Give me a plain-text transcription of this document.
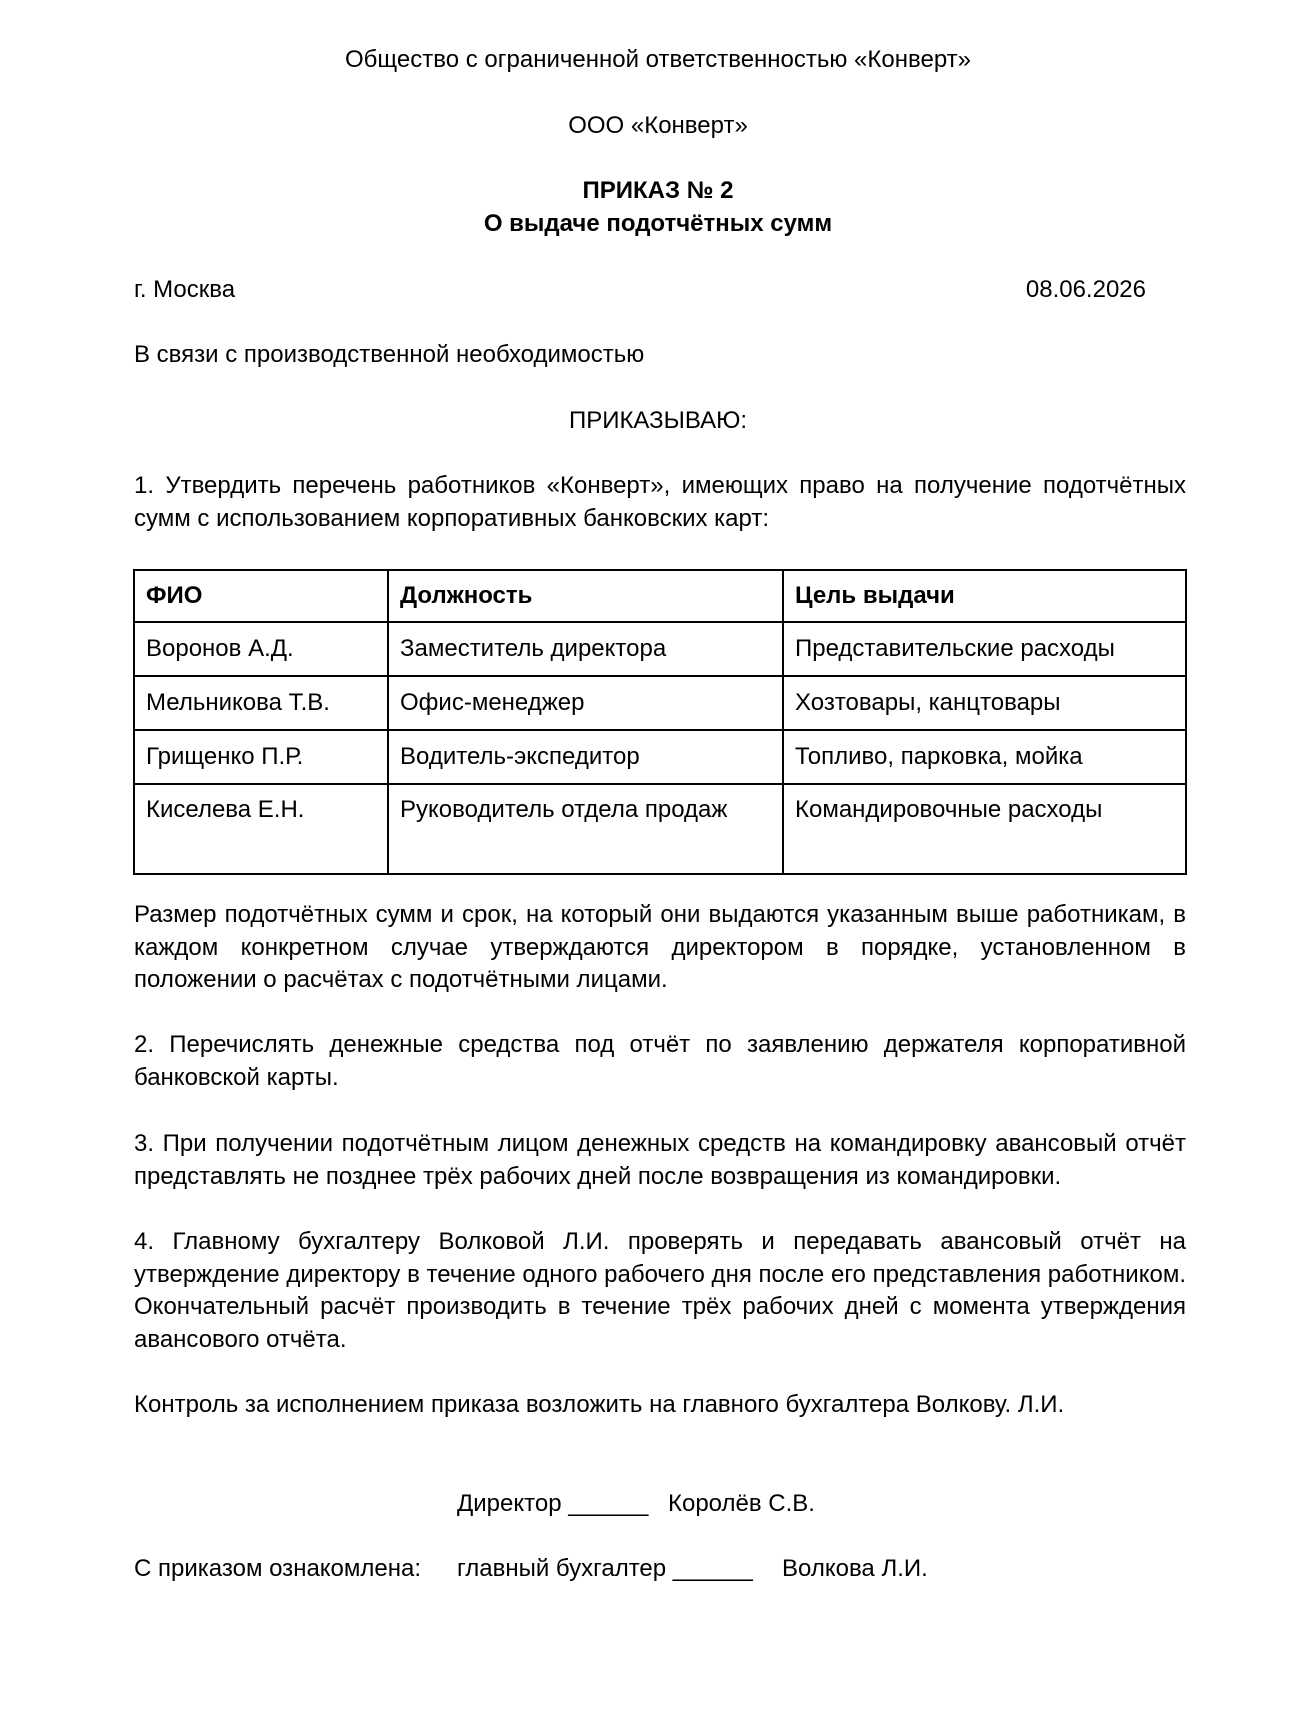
Общество с ограниченной ответственностью «Конверт»
ООО «Конверт»
ПРИКАЗ № 2
О выдаче подотчётных сумм
г. Москва	08.06.2026
В связи с производственной необходимостью
ПРИКАЗЫВАЮ:

1. Утвердить перечень работников «Конверт», имеющих право на получение подотчётных сумм с использованием корпоративных банковских карт:

ФИО	Должность	Цель выдачи
Воронов А.Д.	Заместитель директора	Представительские расходы
Мельникова Т.В.	Офис-менеджер	Хозтовары, канцтовары
Грищенко П.Р.	Водитель-экспедитор	Топливо, парковка, мойка
Киселева Е.Н.	Руководитель отдела продаж	Командировочные расходы

Размер подотчётных сумм и срок, на который они выдаются указанным выше работникам, в каждом конкретном случае утверждаются директором в порядке, установленном в положении о расчётах с подотчётными лицами.

2. Перечислять денежные средства под отчёт по заявлению держателя корпоративной банковской карты.

3. При получении подотчётным лицом денежных средств на командировку авансовый отчёт представлять не позднее трёх рабочих дней после возвращения из командировки.

4. Главному бухгалтеру Волковой Л.И. проверять и передавать авансовый отчёт на утверждение директору в течение одного рабочего дня после его представления работником. Окончательный расчёт производить в течение трёх рабочих дней с момента утверждения авансового отчёта.

Контроль за исполнением приказа возложить на главного бухгалтера Волкову. Л.И.
Директор ______ Королёв С.В.
С приказом ознакомлена: главный бухгалтер ______ Волкова Л.И.
